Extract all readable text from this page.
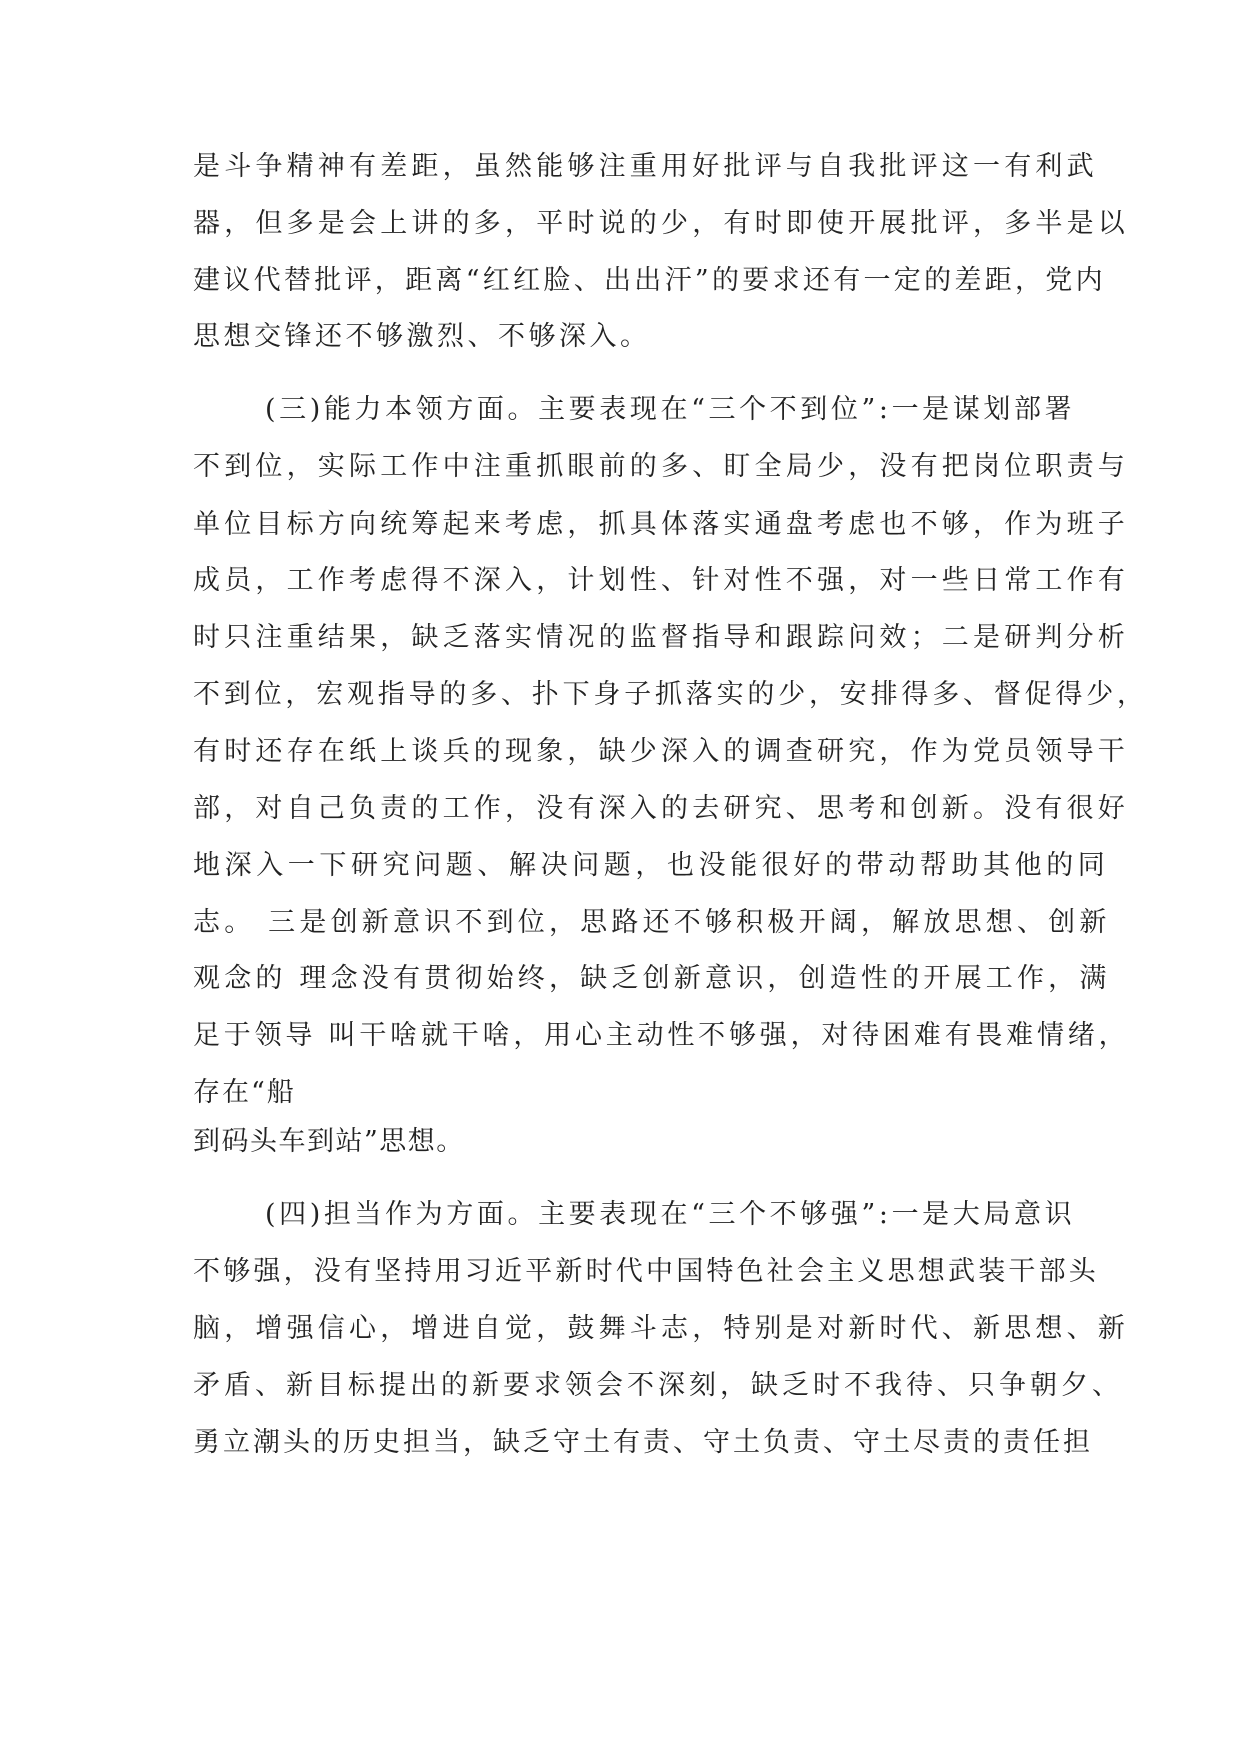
是斗争精神有差距，虽然能够注重用好批评与自我批评这一有利武
器，但多是会上讲的多，平时说的少，有时即使开展批评，多半是以
建议代替批评，距离“红红脸、出出汗”的要求还有一定的差距，党内
思想交锋还不够激烈、不够深入。
(三)能力本领方面。主要表现在“三个不到位”:一是谋划部署
不到位，实际工作中注重抓眼前的多、盯全局少，没有把岗位职责与
单位目标方向统筹起来考虑，抓具体落实通盘考虑也不够，作为班子
成员，工作考虑得不深入，计划性、针对性不强，对一些日常工作有
时只注重结果，缺乏落实情况的监督指导和跟踪问效；二是研判分析
不到位，宏观指导的多、扑下身子抓落实的少，安排得多、督促得少，
有时还存在纸上谈兵的现象，缺少深入的调查研究，作为党员领导干
部，对自己负责的工作，没有深入的去研究、思考和创新。没有很好
地深入一下研究问题、解决问题，也没能很好的带动帮助其他的同
志。 三是创新意识不到位，思路还不够积极开阔，解放思想、创新
观念的 理念没有贯彻始终，缺乏创新意识，创造性的开展工作，满
足于领导 叫干啥就干啥，用心主动性不够强，对待困难有畏难情绪，
存在“船
到码头车到站”思想。
(四)担当作为方面。主要表现在“三个不够强”:一是大局意识
不够强，没有坚持用习近平新时代中国特色社会主义思想武装干部头
脑，增强信心，增进自觉，鼓舞斗志，特别是对新时代、新思想、新
矛盾、新目标提出的新要求领会不深刻，缺乏时不我待、只争朝夕、
勇立潮头的历史担当，缺乏守土有责、守土负责、守土尽责的责任担
